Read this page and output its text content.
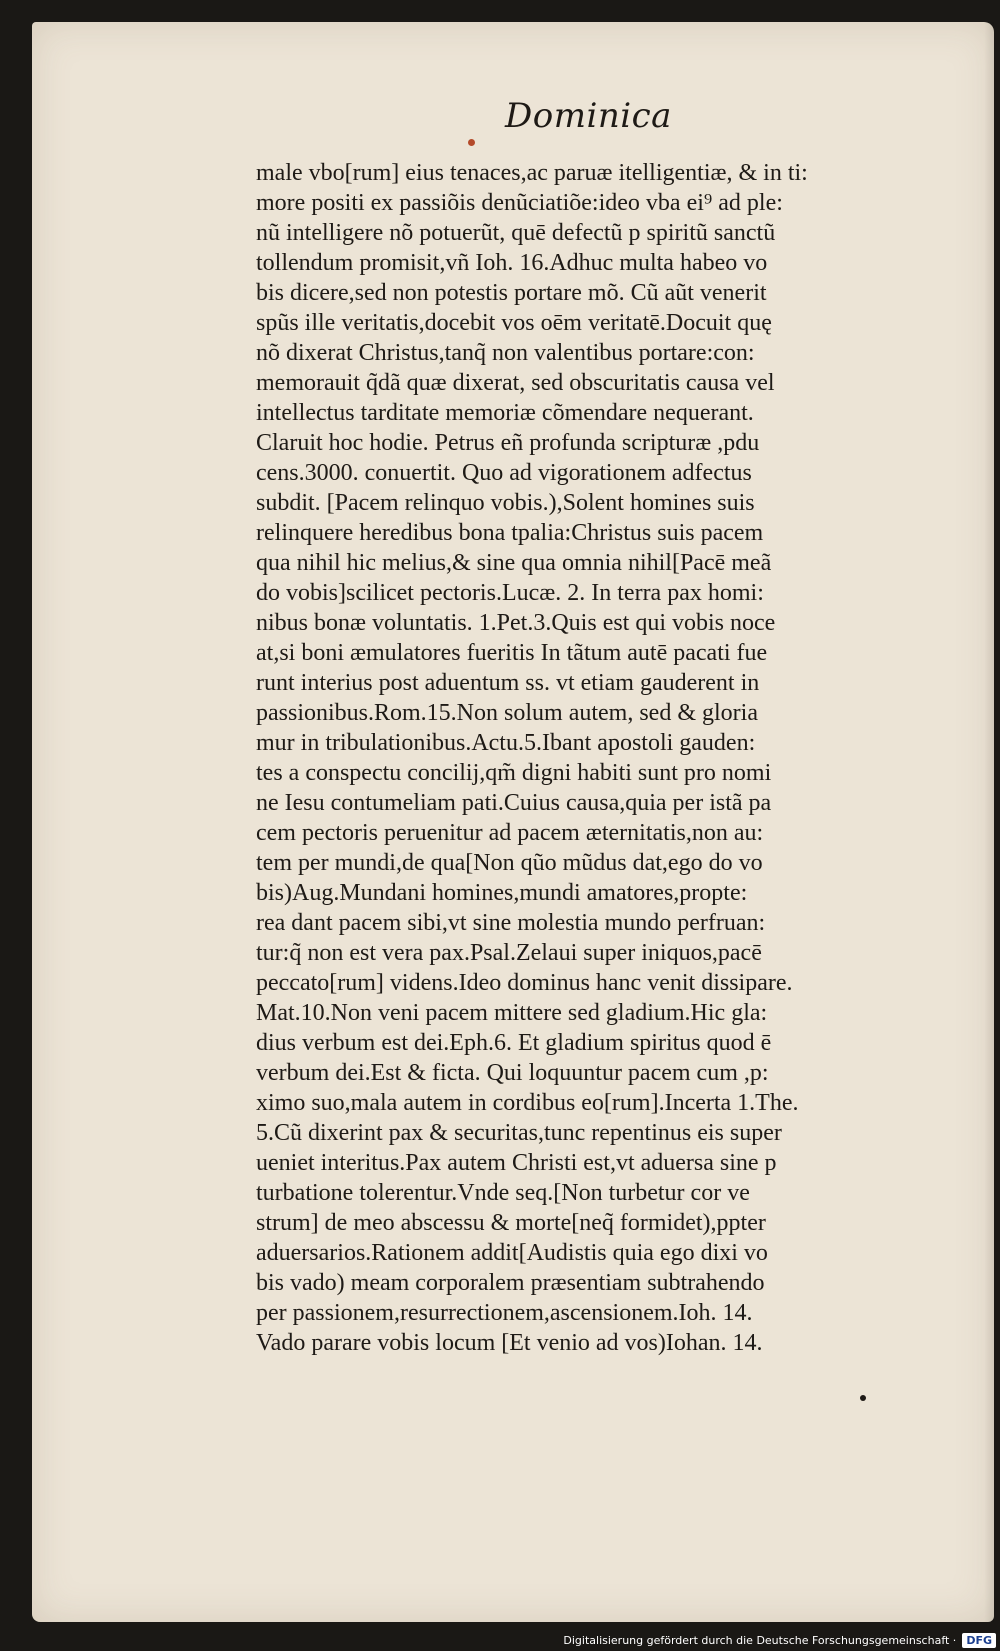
Dominica
male vbo[rum] eius tenaces,ac paruæ itelligentiæ, & in ti:
more positi ex passiõis denũciatiõe:ideo vba ei⁹ ad ple:
nũ intelligere nõ potuerũt, quē defectũ p spiritũ sanctũ
tollendum promisit,vñ Ioh. 16.Adhuc multa habeo vo
bis dicere,sed non potestis portare mõ. Cũ aũt venerit
spũs ille veritatis,docebit vos oēm veritatē.Docuit quę
nõ dixerat Christus,tanq̃ non valentibus portare:con:
memorauit q̃dã quæ dixerat, sed obscuritatis causa vel
intellectus tarditate memoriæ cõmendare nequerant.
Claruit hoc hodie. Petrus eñ profunda scripturæ ,pdu
cens.3000. conuertit. Quo ad vigorationem adfectus
subdit. [Pacem relinquo vobis.),Solent homines suis
relinquere heredibus bona tpalia:Christus suis pacem
qua nihil hic melius,& sine qua omnia nihil[Pacē meã
do vobis]scilicet pectoris.Lucæ. 2. In terra pax homi:
nibus bonæ voluntatis. 1.Pet.3.Quis est qui vobis noce
at,si boni æmulatores fueritis In tãtum autē pacati fue
runt interius post aduentum ss. vt etiam gauderent in
passionibus.Rom.15.Non solum autem, sed & gloria
mur in tribulationibus.Actu.5.Ibant apostoli gauden:
tes a conspectu concilij,qm̃ digni habiti sunt pro nomi
ne Iesu contumeliam pati.Cuius causa,quia per istã pa
cem pectoris peruenitur ad pacem æternitatis,non au:
tem per mundi,de qua[Non qũo mũdus dat,ego do vo
bis)Aug.Mundani homines,mundi amatores,propte:
rea dant pacem sibi,vt sine molestia mundo perfruan:
tur:q̃ non est vera pax.Psal.Zelaui super iniquos,pacē
peccato[rum] videns.Ideo dominus hanc venit dissipare.
Mat.10.Non veni pacem mittere sed gladium.Hic gla:
dius verbum est dei.Eph.6. Et gladium spiritus quod ē
verbum dei.Est & ficta. Qui loquuntur pacem cum ,p:
ximo suo,mala autem in cordibus eo[rum].Incerta 1.The.
5.Cũ dixerint pax & securitas,tunc repentinus eis super
ueniet interitus.Pax autem Christi est,vt aduersa sine p
turbatione tolerentur.Vnde seq.[Non turbetur cor ve
strum] de meo abscessu & morte[neq̃ formidet),ppter
aduersarios.Rationem addit[Audistis quia ego dixi vo
bis vado) meam corporalem præsentiam subtrahendo
per passionem,resurrectionem,ascensionem.Ioh. 14.
Vado parare vobis locum [Et venio ad vos)Iohan. 14.
Digitalisierung gefördert durch die Deutsche Forschungsgemeinschaft · DFG
